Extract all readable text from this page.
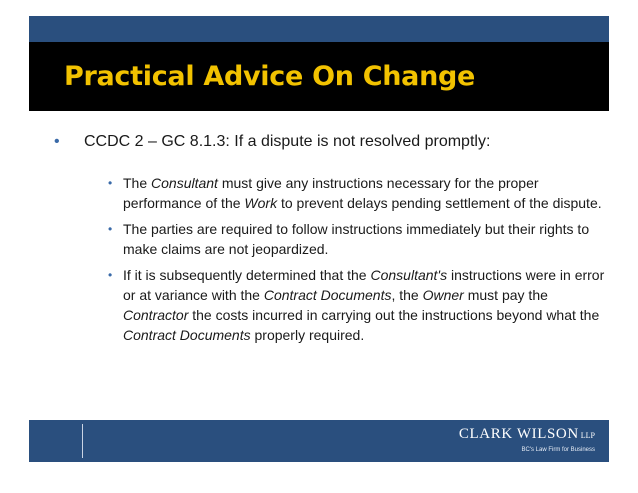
Practical Advice On Change
• CCDC 2 – GC 8.1.3: If a dispute is not resolved promptly:
• The Consultant must give any instructions necessary for the proper performance of the Work to prevent delays pending settlement of the dispute.
• The parties are required to follow instructions immediately but their rights to make claims are not jeopardized.
• If it is subsequently determined that the Consultant's instructions were in error or at variance with the Contract Documents, the Owner must pay the Contractor the costs incurred in carrying out the instructions beyond what the Contract Documents properly required.
CLARK WILSON LLP
BC's Law Firm for Business
